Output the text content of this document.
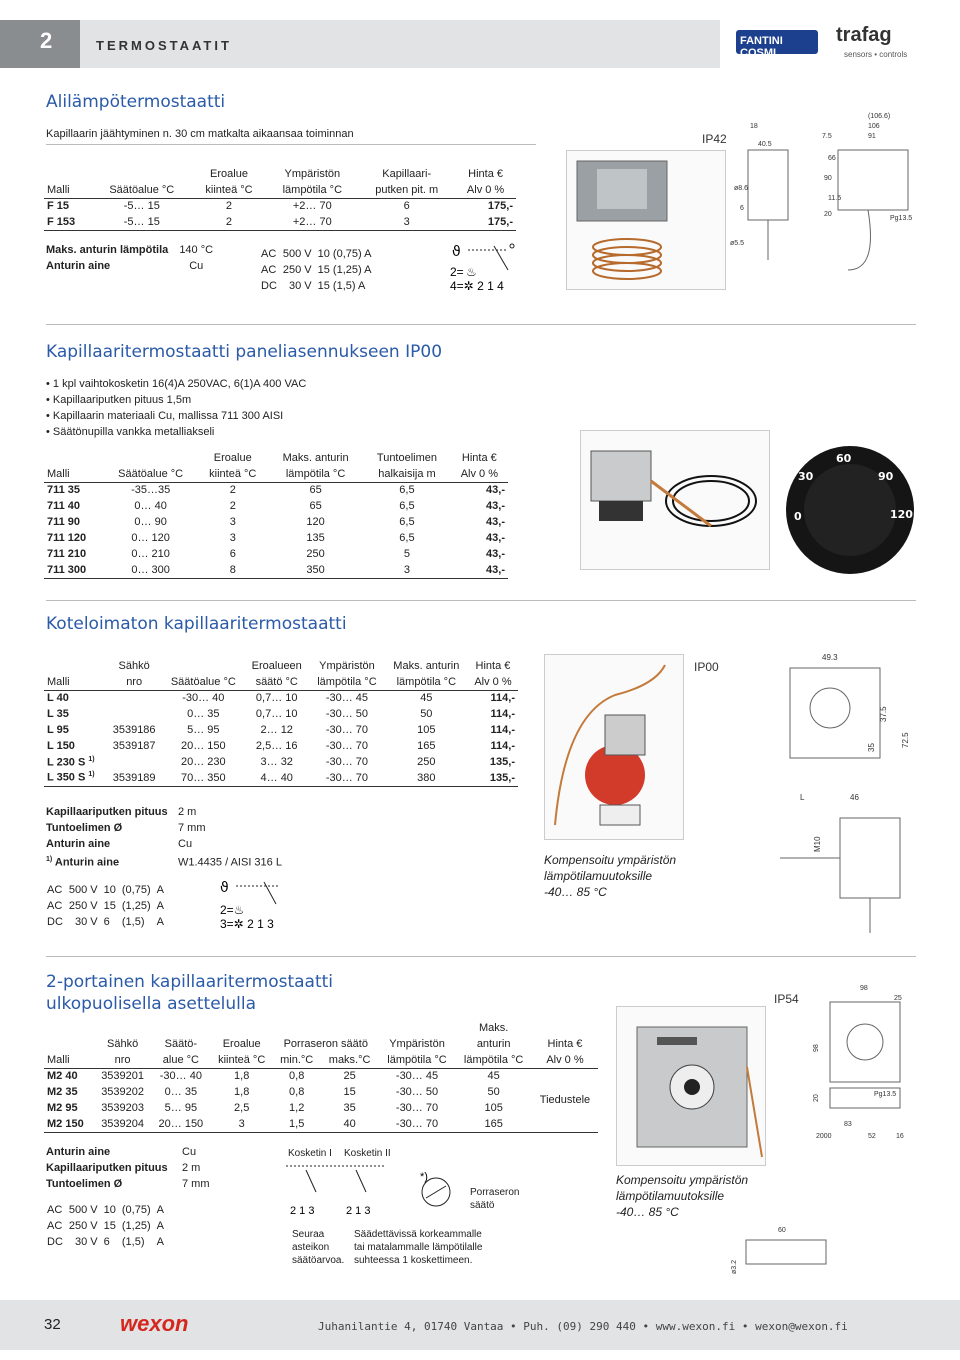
2	TERMOSTAATIT	FANTINI COSMI
trafag
sensors • controls
Alilämpötermostaatti
Kapillaarin jäähtyminen n. 30 cm matkalta aikaansaa toiminnan
		Eroalue	Ympäristön	Kapillaari-	Hinta €
Malli	Säätöalue °C	kiinteä °C	lämpötila °C	putken pit. m	Alv 0 %
F 15	-5… 15	2	+2… 70	6	175,-
F 153	-5… 15	2	+2… 70	3	175,-
Maks. anturin lämpötila 140 °C
Anturin aine	Cu
AC	500 V	10 (0,75) A
AC	250 V	15 (1,25) A
DC	30 V	15 (1,5) A
ϑ
2= ♨
4=✲ 2 1 4
IP42
(106.6)
106
91
7.5
40.5
18
ø8.6
6
90
66
20
11.5
ø5.5
Pg13.5
Kapillaaritermostaatti paneliasennukseen IP00
• 1 kpl vaihtokosketin 16(4)A 250VAC, 6(1)A 400 VAC
• Kapillaariputken pituus 1,5m
• Kapillaarin materiaali Cu, mallissa 711 300 AISI
• Säätönupilla vankka metalliakseli
		Eroalue	Maks. anturin	Tuntoelimen	Hinta €
Malli	Säätöalue °C	kiinteä °C	lämpötila °C	halkaisija m	Alv 0 %
711 35	-35…35	2	65	6,5	43,-
711 40	0… 40	2	65	6,5	43,-
711 90	0… 90	3	120	6,5	43,-
711 120	0… 120	3	135	6,5	43,-
711 210	0… 210	6	250	5	43,-
711 300	0… 300	8	350	3	43,-
60
90
30
120
0
Koteloimaton kapillaaritermostaatti
	Sähkö		Eroalueen	Ympäristön	Maks. anturin	Hinta €
Malli	nro	Säätöalue °C	säätö °C	lämpötila °C	lämpötila °C	Alv 0 %
L 40		-30… 40	0,7… 10	-30… 45	45	114,-
L 35		0… 35	0,7… 10	-30… 50	50	114,-
L 95	3539186	5… 95	2… 12	-30… 70	105	114,-
L 150	3539187	20… 150	2,5… 16	-30… 70	165	114,-
L 230 S $^{1)}$		20… 230	3… 32	-30… 70	250	135,-
L 350 S $^{1)}$	3539189	70… 350	4… 40	-30… 70	380	135,-
Kapillaariputken pituus 2 m
Tuntoelimen Ø	7 mm
Anturin aine	Cu
$^{1)}$ Anturin aine	W1.4435 / AISI 316 L
AC	500 V	10	(0,75)	A
AC	250 V	15	(1,25)	A
DC	30 V	6	(1,5)	A
ϑ
2=♨
3=✲ 2 1 3
IP00
49.3
37.5
72.5
35
L	46
M10
Kompensoitu ympäristön
lämpötilamuutoksille
-40… 85 °C
2-portainen kapillaaritermostaatti
ulkopuolisella asettelulla
							Maks.	
	Sähkö	Säätö-	Eroalue	Porraseron säätö		Ympäristön	anturin	Hinta €
Malli	nro	alue °C	kiinteä °C	min.°C	maks.°C	lämpötila °C	lämpötila °C	Alv 0 %
M2 40	3539201	-30… 40	1,8	0,8	25	-30… 45	45	Tiedustele
M2 35	3539202	0… 35	1,8	0,8	15	-30… 50	50	
M2 95	3539203	5… 95	2,5	1,2	35	-30… 70	105	
M2 150	3539204	20… 150	3	1,5	40	-30… 70	165	
Anturin aine	Cu
Kapillaariputken pituus 2 m
Tuntoelimen Ø	7 mm
AC	500 V	10	(0,75)	A
AC	250 V	15	(1,25)	A
DC	30 V	6	(1,5)	A
Kosketin I Kosketin II
2 1 3	2 1 3
*)
Porraseron
säätö
Seuraa
asteikon
säätöarvoa.
Säädettävissä korkeammalle
tai matalammalle lämpötilalle
suhteessa 1 koskettimeen.
IP54
98
25
98
20	Pg13.5
2000
83
52	16
Kompensoitu ympäristön
lämpötilamuutoksille
-40… 85 °C
60
ø3.2
32	wexon	Juhanilantie 4, 01740 Vantaa • Puh. (09) 290 440 • www.wexon.fi • wexon@wexon.fi
